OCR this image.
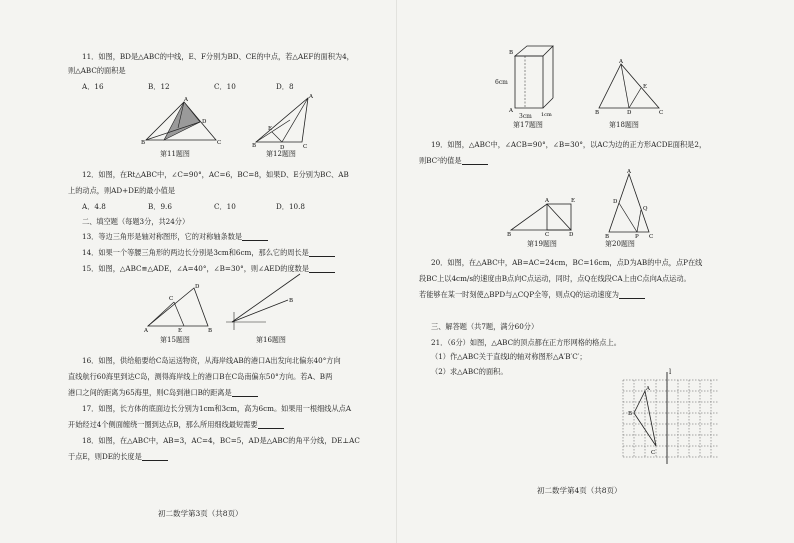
11．如图，BD是△ABC的中线，E、F分别为BD、CE的中点，若△AEF的面积为4，
则△ABC的面积是
A．16	B．12	C．10	D．8
B
A
C
D
第11题图
A
B	C
E
D
第12题图
12．如图，在Rt△ABC中，∠C=90°，AC=6，BC=8，如果D、E分别为BC、AB
上的动点，则AD+DE的最小值是
A．4.8	B．9.6	C．10	D．10.8
二、填空题（每题3分，共24分）
13．等边三角形是轴对称图形，它的对称轴条数是
14．如果一个等腰三角形的两边长分别是3cm和6cm，那么它的周长是
15．如图，△ABC≌△ADE，∠A=40°，∠B=30°，则∠AED的度数是
A	E	B
C
D
第15题图
B
第16题图
16．如图，供给船要给C岛运送物资，从海岸线AB的港口A出发向北偏东40°方向
直线航行60海里到达C岛，测得海岸线上的港口B在C岛南偏东50°方向。若A、B两
港口之间的距离为65海里，则C岛到港口B的距离是
17．如图，长方体的底面边长分别为1cm和3cm，高为6cm。如果用一根细线从点A
开始经过4个侧面缠绕一圈到达点B，那么所用细线最短需要
18．如图，在△ABC中，AB=3，AC=4，BC=5，AD是△ABC的角平分线，DE⊥AC
于点E，则DE的长度是
初二数学第3页（共8页）
B
A
1cm
6cm
3cm
第17题图
A
B	C
E
D
第18题图
19．如图，△ABC中，∠ACB=90°，∠B=30°，以AC为边的正方形ACDE面积是2，
则BC²的值是
B
A
C	D
E
第19题图
A
B	C
D
Q
P
第20题图
20．如图，在△ABC中，AB=AC=24cm，BC=16cm，点D为AB的中点，点P在线
段BC上以4cm/s的速度由B点向C点运动，同时，点Q在线段CA上由C点向A点运动。
若能够在某一时刻使△BPD与△CQP全等，则点Q的运动速度为
三、解答题（共7题，满分60分）
21．（6分）如图，△ABC的顶点都在正方形网格的格点上。
（1）作△ABC关于直线l的轴对称图形△A′B′C′；
（2）求△ABC的面积。
A
B
C
l
初二数学第4页（共8页）
